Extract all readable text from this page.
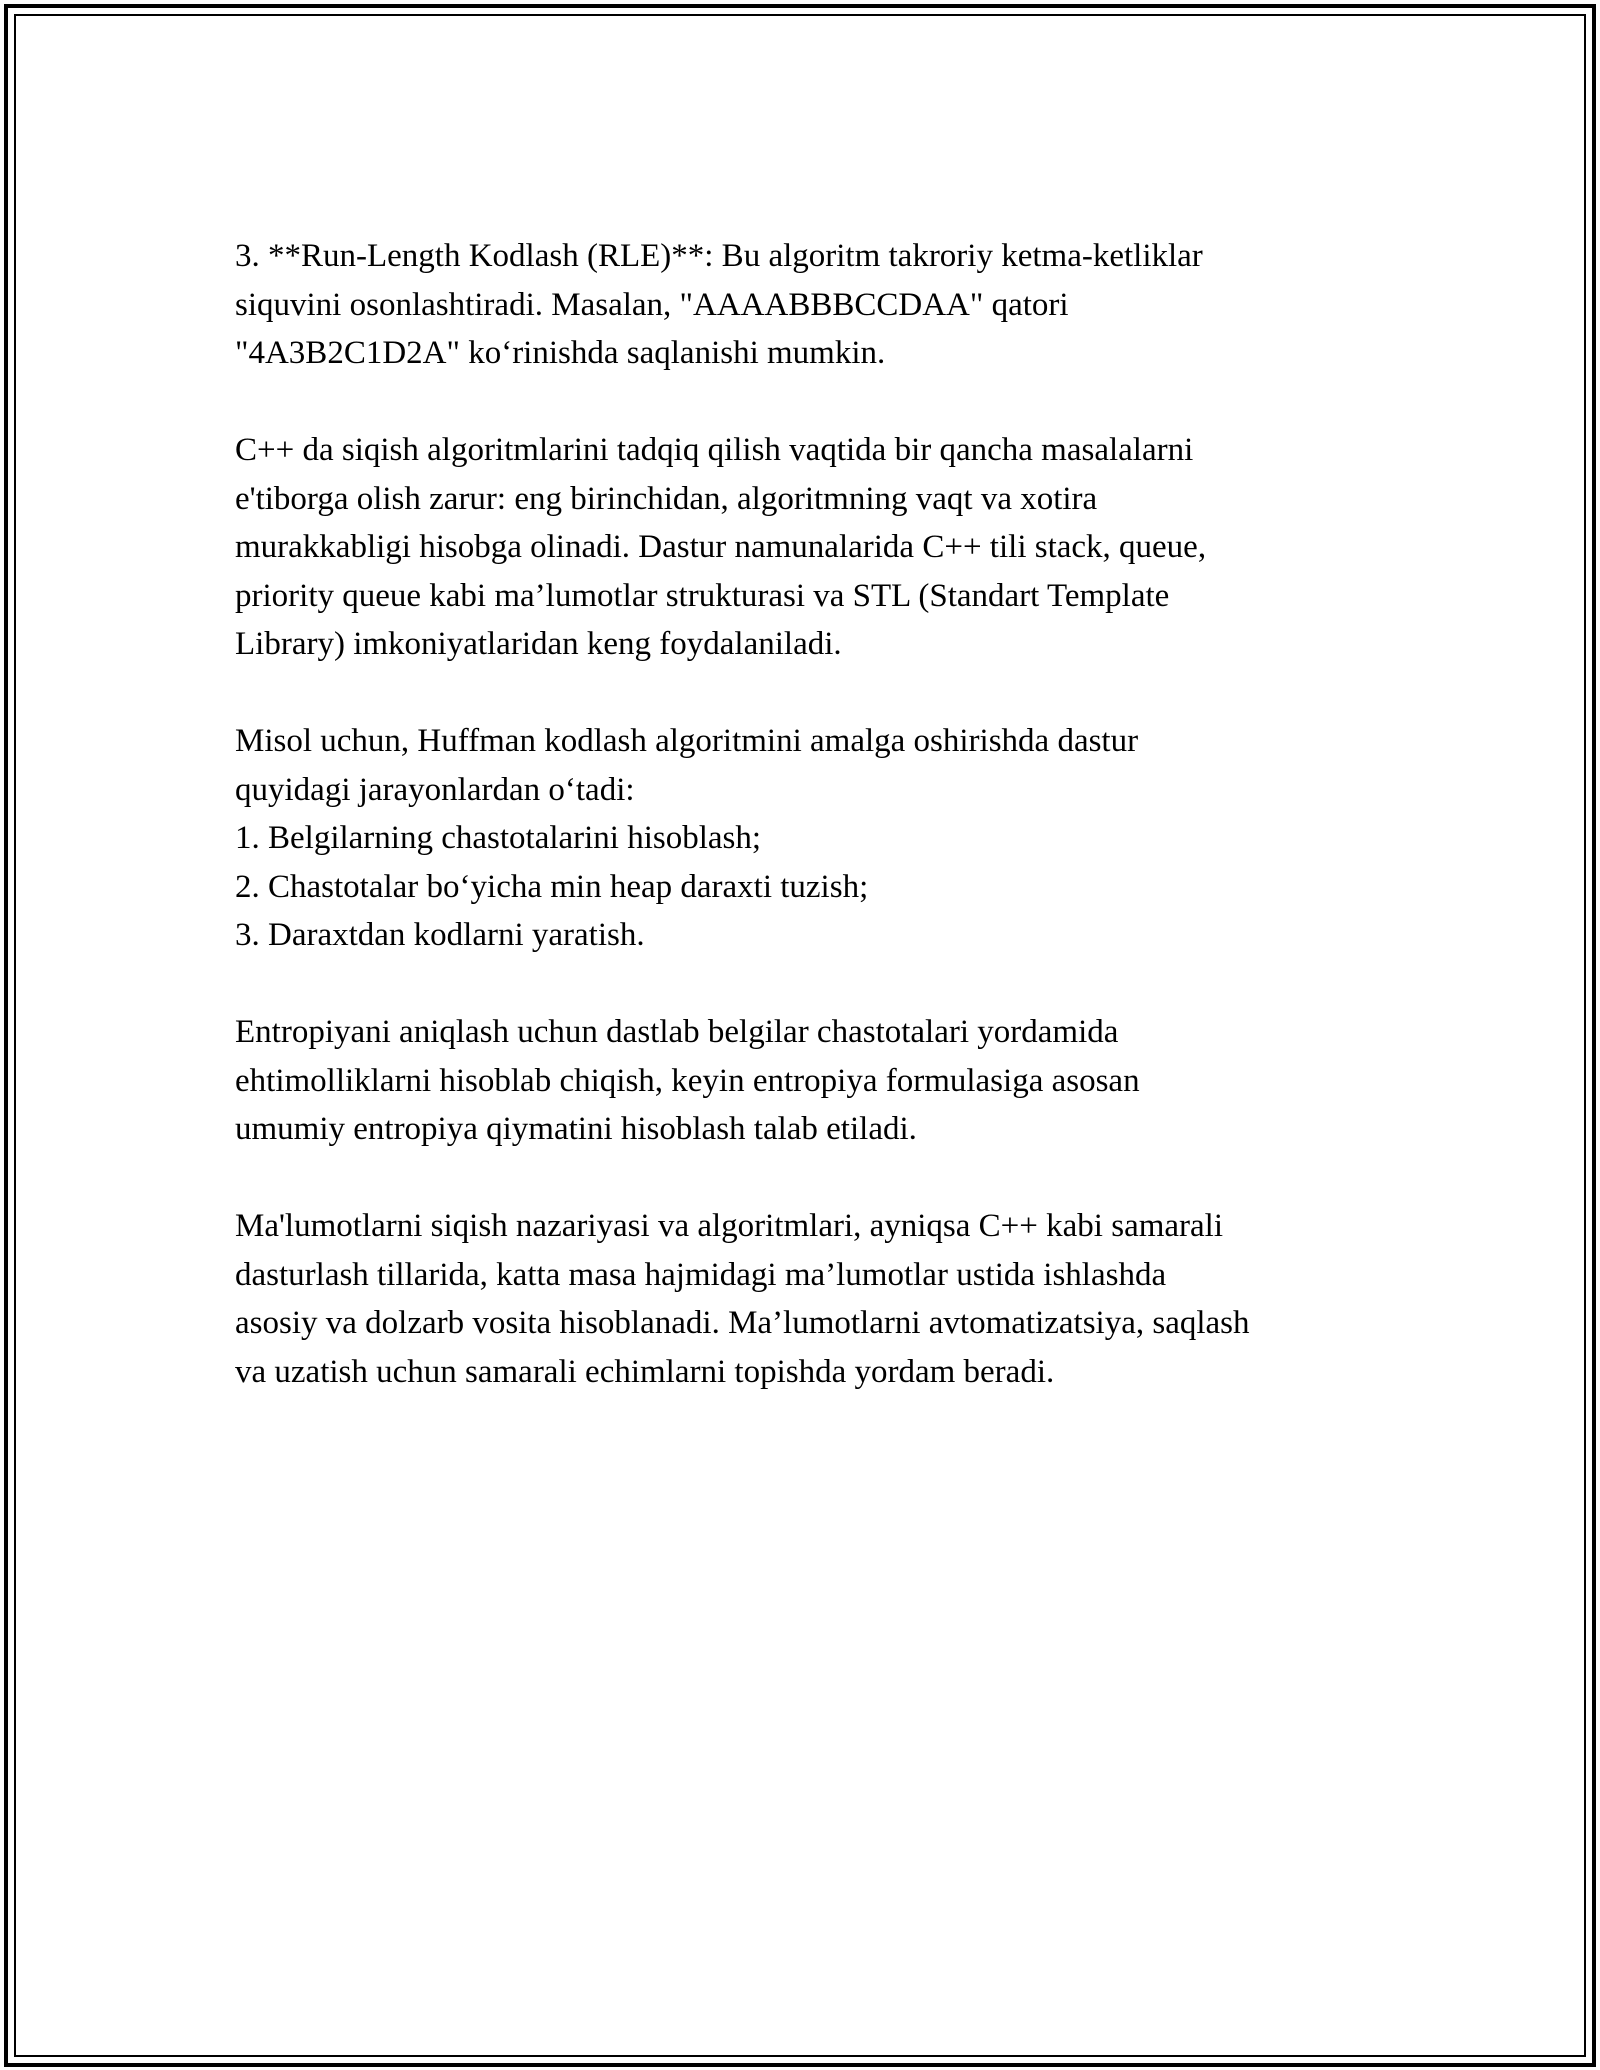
3. **Run-Length Kodlash (RLE)**: Bu algoritm takroriy ketma-ketliklar
siquvini osonlashtiradi. Masalan, "AAAABBBCCDAA" qatori
"4A3B2C1D2A" ko‘rinishda saqlanishi mumkin.

C++ da siqish algoritmlarini tadqiq qilish vaqtida bir qancha masalalarni
e'tiborga olish zarur: eng birinchidan, algoritmning vaqt va xotira
murakkabligi hisobga olinadi. Dastur namunalarida C++ tili stack, queue,
priority queue kabi ma’lumotlar strukturasi va STL (Standart Template
Library) imkoniyatlaridan keng foydalaniladi.

Misol uchun, Huffman kodlash algoritmini amalga oshirishda dastur
quyidagi jarayonlardan o‘tadi:
1. Belgilarning chastotalarini hisoblash;
2. Chastotalar bo‘yicha min heap daraxti tuzish;
3. Daraxtdan kodlarni yaratish.

Entropiyani aniqlash uchun dastlab belgilar chastotalari yordamida
ehtimolliklarni hisoblab chiqish, keyin entropiya formulasiga asosan
umumiy entropiya qiymatini hisoblash talab etiladi.

Ma'lumotlarni siqish nazariyasi va algoritmlari, ayniqsa C++ kabi samarali
dasturlash tillarida, katta masa hajmidagi ma’lumotlar ustida ishlashda
asosiy va dolzarb vosita hisoblanadi. Ma’lumotlarni avtomatizatsiya, saqlash
va uzatish uchun samarali echimlarni topishda yordam beradi.
